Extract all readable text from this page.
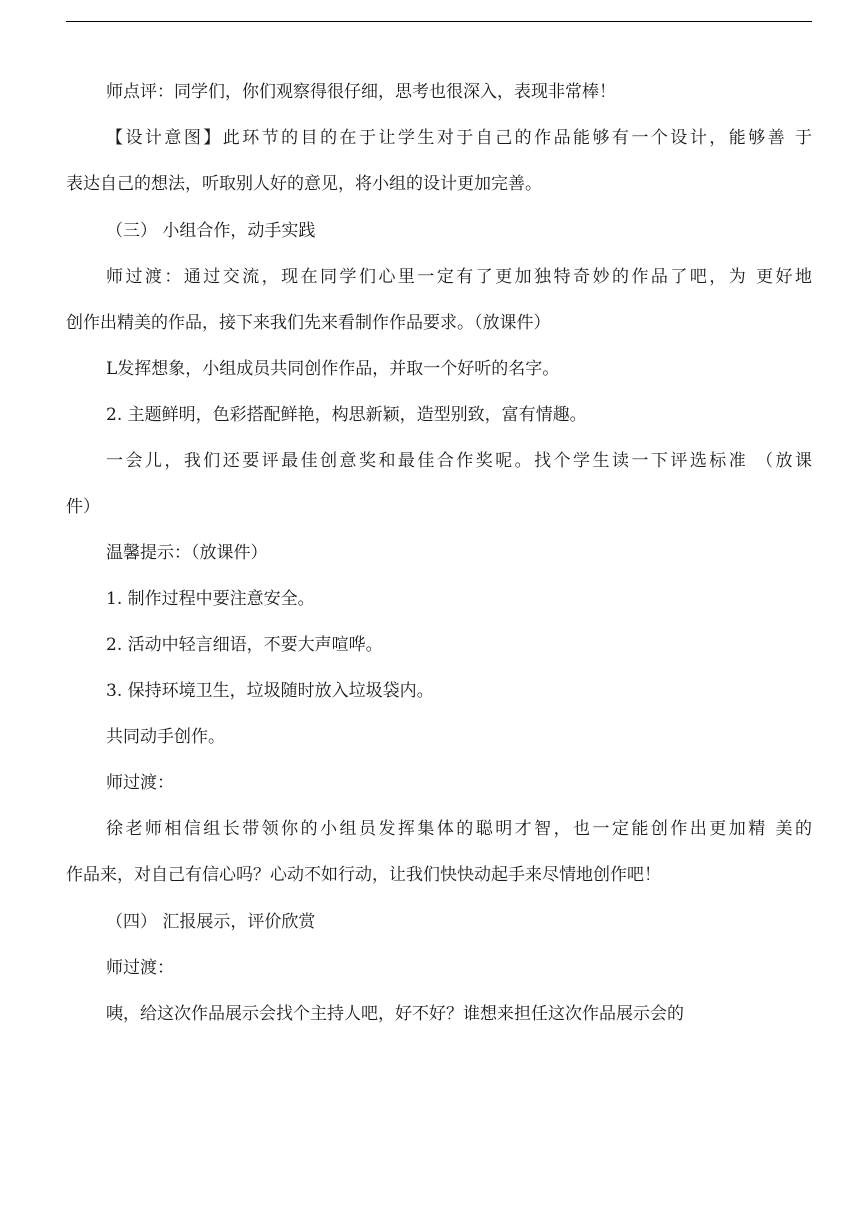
师点评：同学们，你们观察得很仔细，思考也很深入，表现非常棒！

【设计意图】此环节的目的在于让学生对于自己的作品能够有一个设计，能够善 于

表达自己的想法，听取别人好的意见，将小组的设计更加完善。

（三） 小组合作，动手实践

师过渡：通过交流，现在同学们心里一定有了更加独特奇妙的作品了吧，为 更好地

创作出精美的作品，接下来我们先来看制作作品要求。（放课件）

L发挥想象，小组成员共同创作作品，并取一个好听的名字。

2. 主题鲜明，色彩搭配鲜艳，构思新颖，造型别致，富有情趣。

一会儿，我们还要评最佳创意奖和最佳合作奖呢。找个学生读一下评选标准 （放课

件）

温馨提示：（放课件）

1. 制作过程中要注意安全。

2. 活动中轻言细语，不要大声喧哗。

3. 保持环境卫生，垃圾随时放入垃圾袋内。

共同动手创作。

师过渡：

徐老师相信组长带领你的小组员发挥集体的聪明才智，也一定能创作出更加精 美的

作品来，对自己有信心吗？心动不如行动，让我们快快动起手来尽情地创作吧！

（四） 汇报展示，评价欣赏

师过渡：

咦，给这次作品展示会找个主持人吧，好不好？谁想来担任这次作品展示会的
